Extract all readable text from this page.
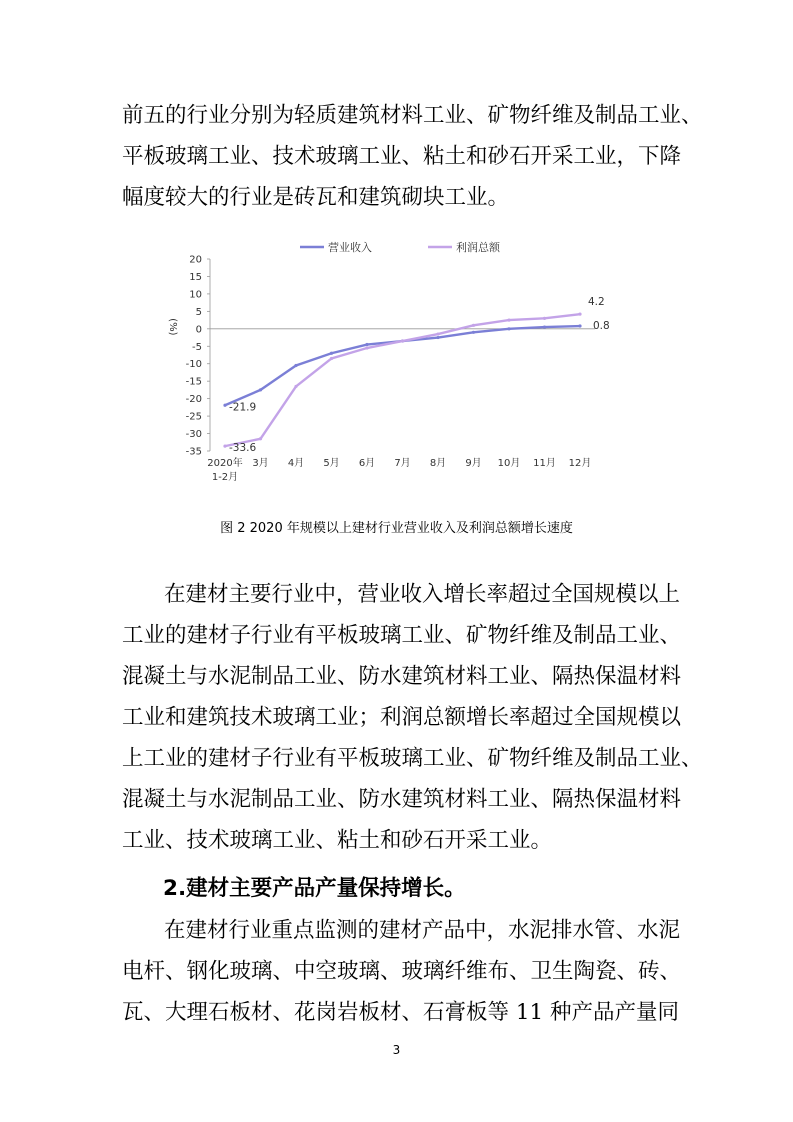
前五的行业分别为轻质建筑材料工业、矿物纤维及制品工业、
平板玻璃工业、技术玻璃工业、粘土和砂石开采工业，下降
幅度较大的行业是砖瓦和建筑砌块工业。
20
15
10
5
0
-5
-10
-15
-20
-25
-30
-35
(%)
2020年
1-2月
3月 4月 5月 6月 7月 8月 9月 10月 11月 12月
-21.9
-33.6
4.2
0.8
营业收入	利润总额

图 2 2020 年规模以上建材行业营业收入及利润总额增长速度

在建材主要行业中，营业收入增长率超过全国规模以上
工业的建材子行业有平板玻璃工业、矿物纤维及制品工业、
混凝土与水泥制品工业、防水建筑材料工业、隔热保温材料
工业和建筑技术玻璃工业；利润总额增长率超过全国规模以
上工业的建材子行业有平板玻璃工业、矿物纤维及制品工业、
混凝土与水泥制品工业、防水建筑材料工业、隔热保温材料
工业、技术玻璃工业、粘土和砂石开采工业。

2.建材主要产品产量保持增长。

在建材行业重点监测的建材产品中，水泥排水管、水泥
电杆、钢化玻璃、中空玻璃、玻璃纤维布、卫生陶瓷、砖、
瓦、大理石板材、花岗岩板材、石膏板等 11 种产品产量同

3
